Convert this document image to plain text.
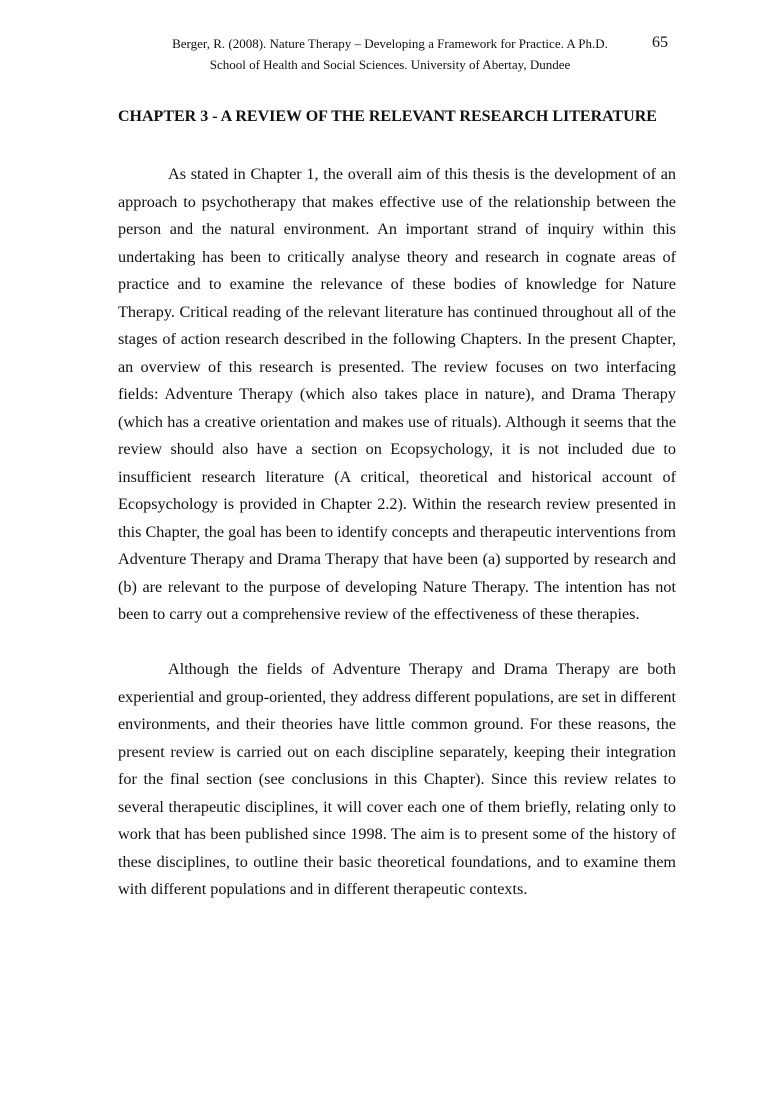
Berger, R. (2008). Nature Therapy – Developing a Framework for Practice. A Ph.D.
School of Health and Social Sciences. University of Abertay, Dundee
65
CHAPTER 3 - A REVIEW OF THE RELEVANT RESEARCH LITERATURE

As stated in Chapter 1, the overall aim of this thesis is the development of an approach to psychotherapy that makes effective use of the relationship between the person and the natural environment. An important strand of inquiry within this undertaking has been to critically analyse theory and research in cognate areas of practice and to examine the relevance of these bodies of knowledge for Nature Therapy. Critical reading of the relevant literature has continued throughout all of the stages of action research described in the following Chapters. In the present Chapter, an overview of this research is presented. The review focuses on two interfacing fields: Adventure Therapy (which also takes place in nature), and Drama Therapy (which has a creative orientation and makes use of rituals). Although it seems that the review should also have a section on Ecopsychology, it is not included due to insufficient research literature (A critical, theoretical and historical account of Ecopsychology is provided in Chapter 2.2). Within the research review presented in this Chapter, the goal has been to identify concepts and therapeutic interventions from Adventure Therapy and Drama Therapy that have been (a) supported by research and (b) are relevant to the purpose of developing Nature Therapy. The intention has not been to carry out a comprehensive review of the effectiveness of these therapies.

Although the fields of Adventure Therapy and Drama Therapy are both experiential and group-oriented, they address different populations, are set in different environments, and their theories have little common ground. For these reasons, the present review is carried out on each discipline separately, keeping their integration for the final section (see conclusions in this Chapter). Since this review relates to several therapeutic disciplines, it will cover each one of them briefly, relating only to work that has been published since 1998. The aim is to present some of the history of these disciplines, to outline their basic theoretical foundations, and to examine them with different populations and in different therapeutic contexts.
